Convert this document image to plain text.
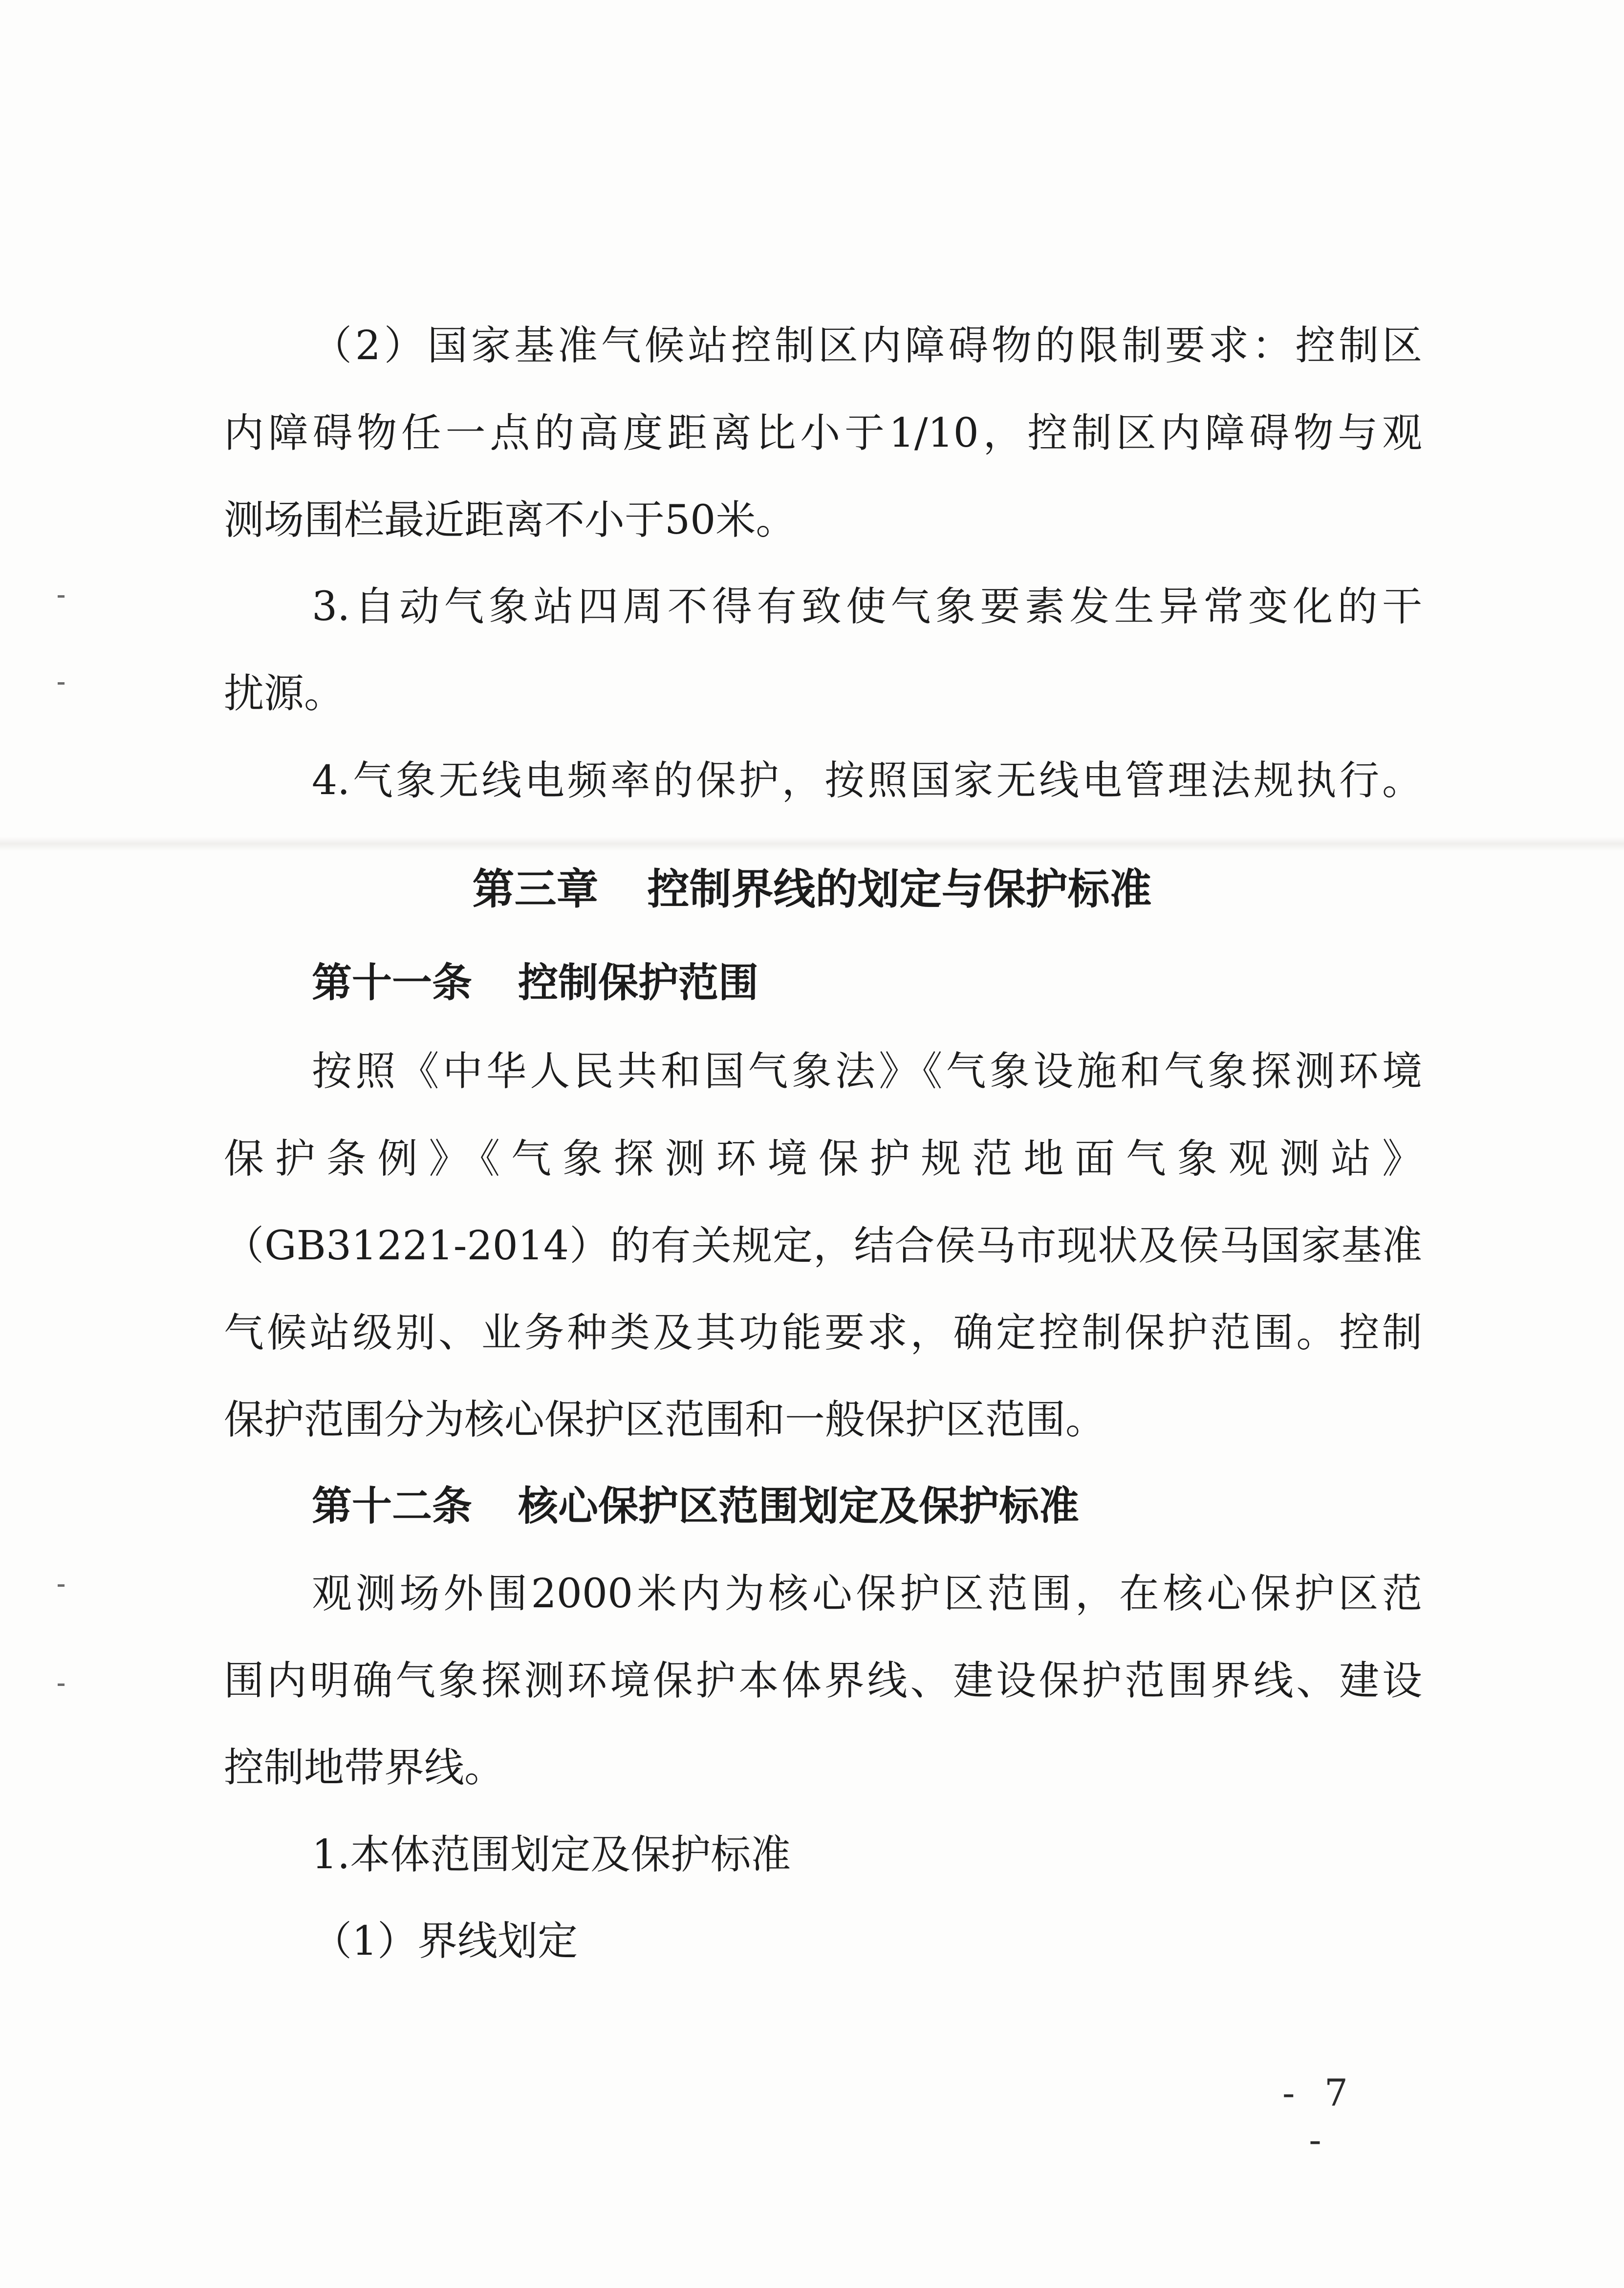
（2）国家基准气候站控制区内障碍物的限制要求：控制区
内障碍物任一点的高度距离比小于1/10，控制区内障碍物与观
测场围栏最近距离不小于50米。
3.自动气象站四周不得有致使气象要素发生异常变化的干
扰源。
4.气象无线电频率的保护，按照国家无线电管理法规执行。
第三章 控制界线的划定与保护标准
第十一条 控制保护范围
按照《中华人民共和国气象法》《气象设施和气象探测环境
保护条例》《气象探测环境保护规范地面气象观测站》
（GB31221-2014）的有关规定，结合侯马市现状及侯马国家基准
气候站级别、业务种类及其功能要求，确定控制保护范围。控制
保护范围分为核心保护区范围和一般保护区范围。
第十二条 核心保护区范围划定及保护标准
观测场外围2000米内为核心保护区范围，在核心保护区范
围内明确气象探测环境保护本体界线、建设保护范围界线、建设
控制地带界线。
1.本体范围划定及保护标准
（1）界线划定
- 7 -
